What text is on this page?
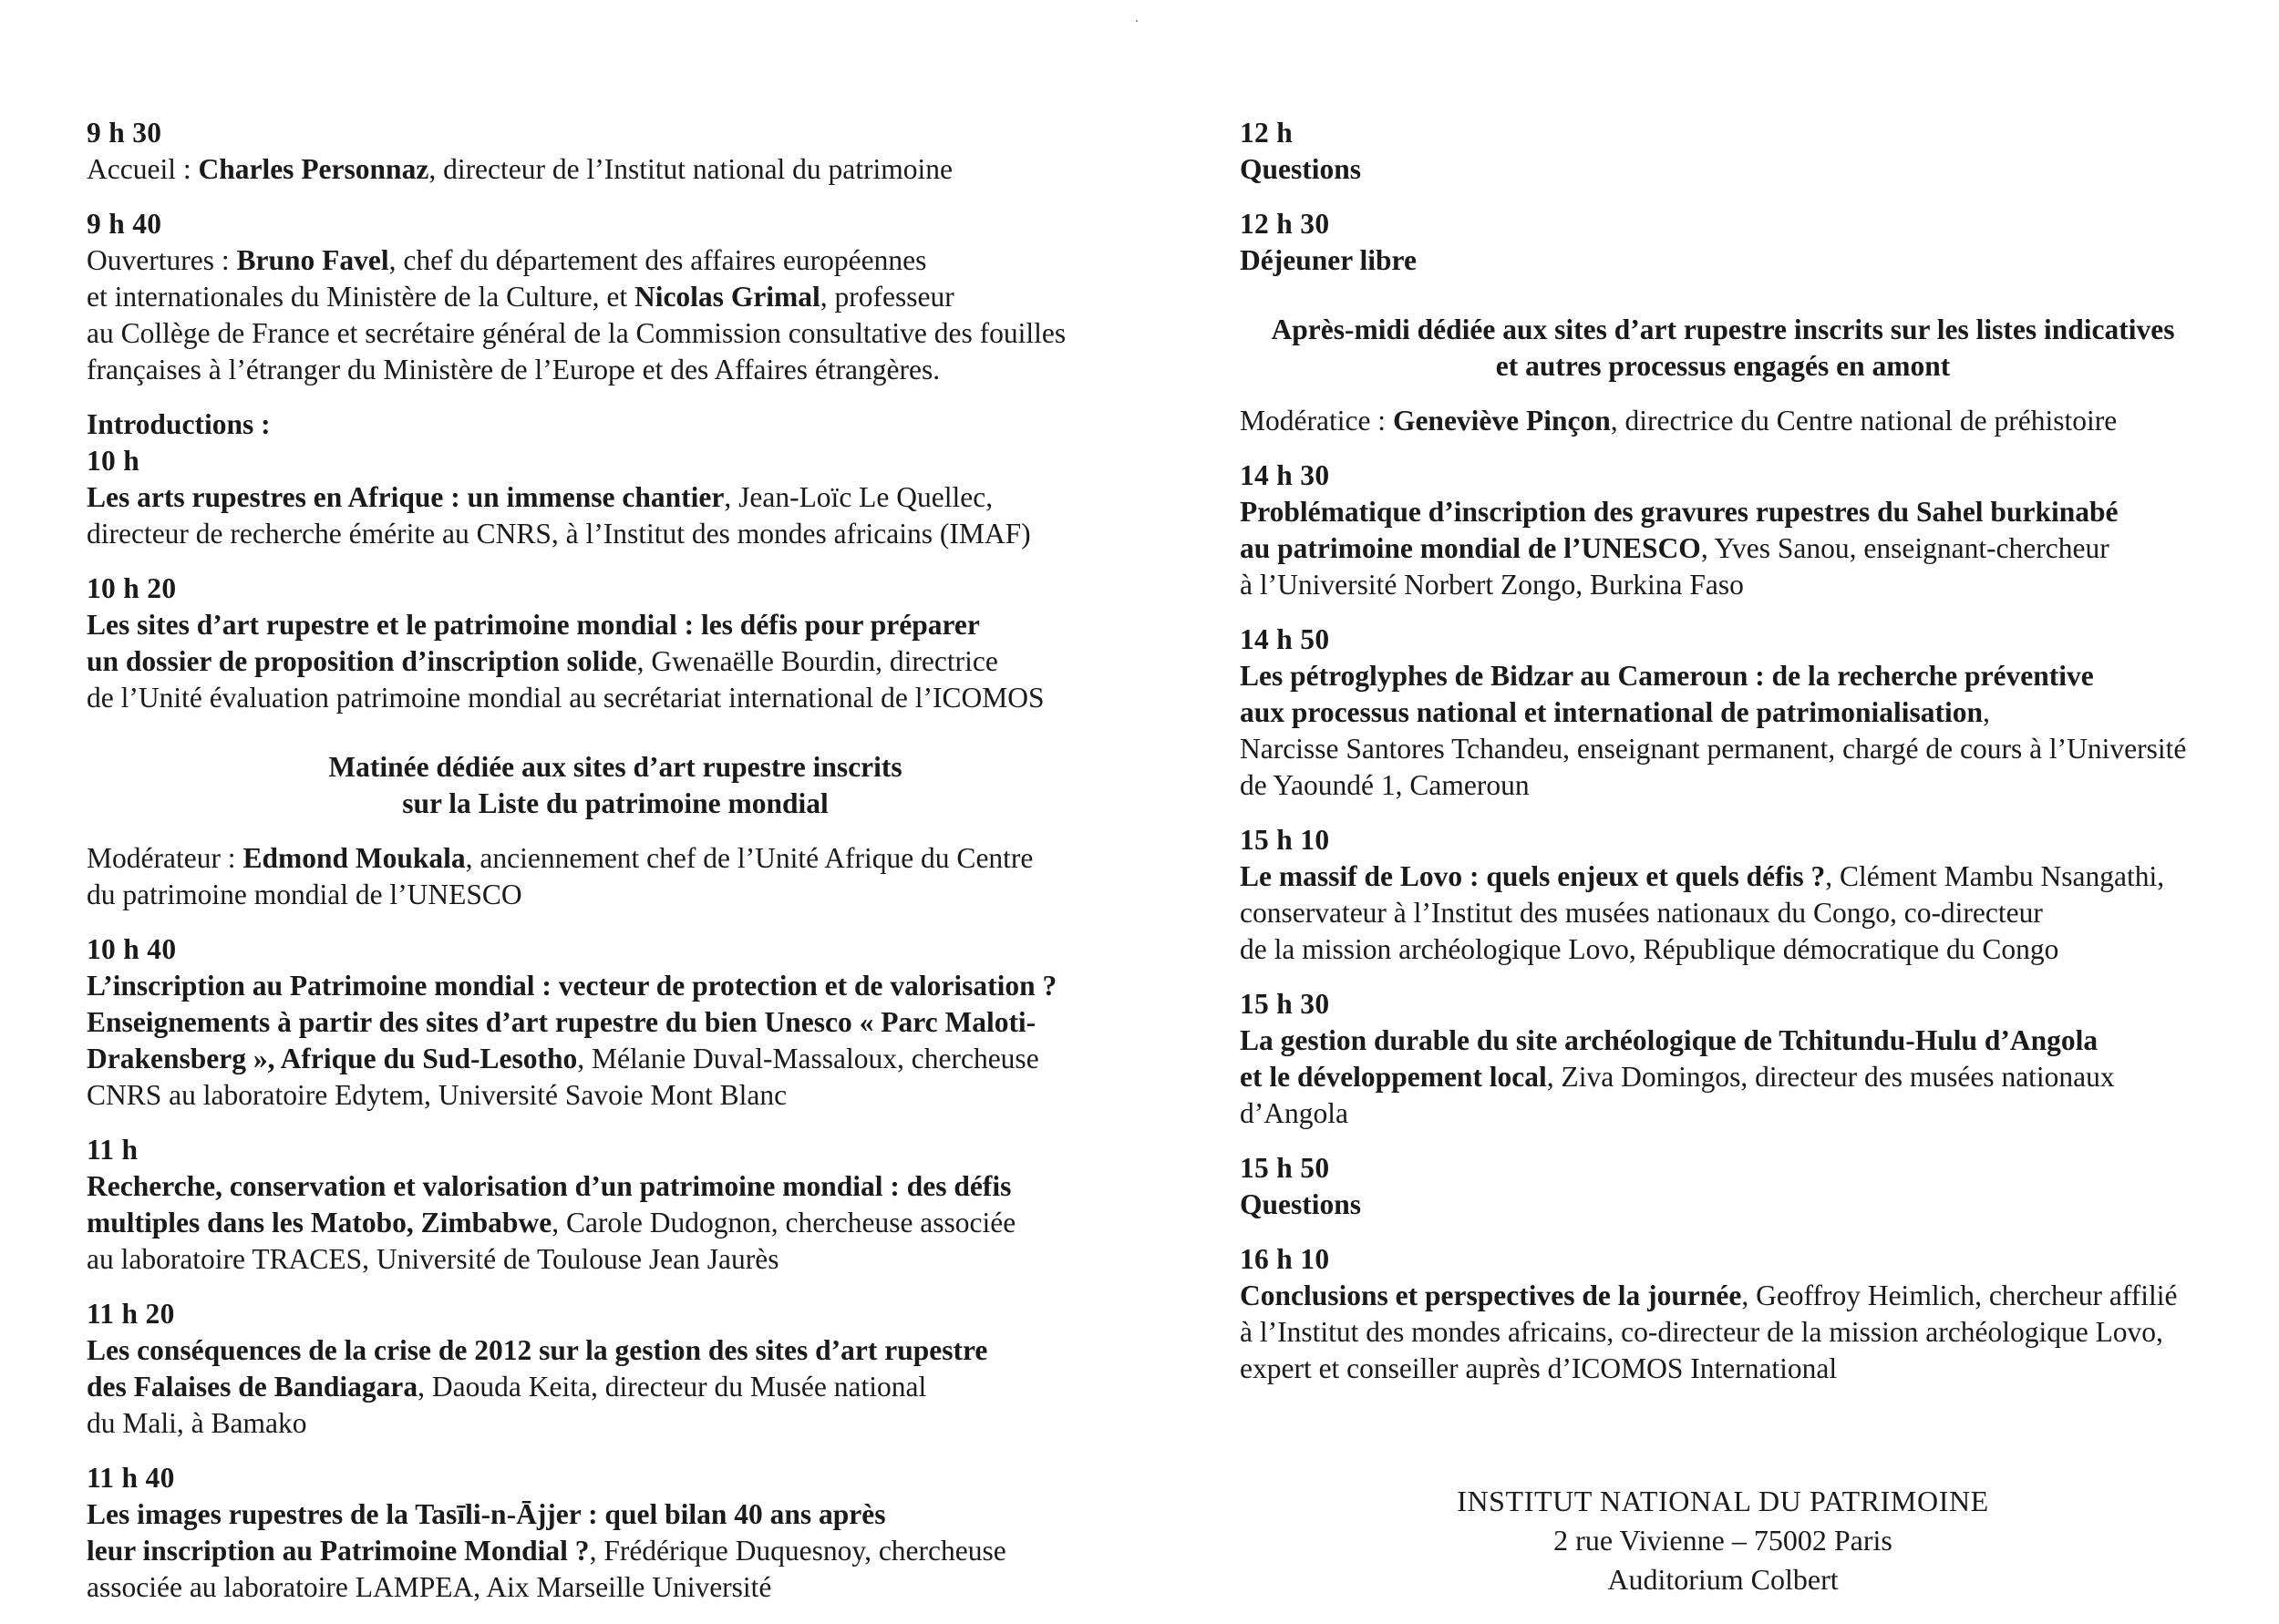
9 h 30
Accueil : Charles Personnaz, directeur de l’Institut national du patrimoine
9 h 40
Ouvertures : Bruno Favel, chef du département des affaires européennes
et internationales du Ministère de la Culture, et Nicolas Grimal, professeur
au Collège de France et secrétaire général de la Commission consultative des fouilles
françaises à l’étranger du Ministère de l’Europe et des Affaires étrangères.
Introductions :
10 h
Les arts rupestres en Afrique : un immense chantier, Jean-Loïc Le Quellec,
directeur de recherche émérite au CNRS, à l’Institut des mondes africains (IMAF)
10 h 20
Les sites d’art rupestre et le patrimoine mondial : les défis pour préparer
un dossier de proposition d’inscription solide, Gwenaëlle Bourdin, directrice
de l’Unité évaluation patrimoine mondial au secrétariat international de l’ICOMOS
Matinée dédiée aux sites d’art rupestre inscrits
sur la Liste du patrimoine mondial
Modérateur : Edmond Moukala, anciennement chef de l’Unité Afrique du Centre
du patrimoine mondial de l’UNESCO
10 h 40
L’inscription au Patrimoine mondial : vecteur de protection et de valorisation ?
Enseignements à partir des sites d’art rupestre du bien Unesco « Parc Maloti-
Drakensberg », Afrique du Sud-Lesotho, Mélanie Duval-Massaloux, chercheuse
CNRS au laboratoire Edytem, Université Savoie Mont Blanc
11 h
Recherche, conservation et valorisation d’un patrimoine mondial : des défis
multiples dans les Matobo, Zimbabwe, Carole Dudognon, chercheuse associée
au laboratoire TRACES, Université de Toulouse Jean Jaurès
11 h 20
Les conséquences de la crise de 2012 sur la gestion des sites d’art rupestre
des Falaises de Bandiagara, Daouda Keita, directeur du Musée national
du Mali, à Bamako
11 h 40
Les images rupestres de la Tasīli-n-Ājjer : quel bilan 40 ans après
leur inscription au Patrimoine Mondial ?, Frédérique Duquesnoy, chercheuse
associée au laboratoire LAMPEA, Aix Marseille Université
12 h
Questions
12 h 30
Déjeuner libre
Après-midi dédiée aux sites d’art rupestre inscrits sur les listes indicatives
et autres processus engagés en amont
Modératice : Geneviève Pinçon, directrice du Centre national de préhistoire
14 h 30
Problématique d’inscription des gravures rupestres du Sahel burkinabé
au patrimoine mondial de l’UNESCO, Yves Sanou, enseignant-chercheur
à l’Université Norbert Zongo, Burkina Faso
14 h 50
Les pétroglyphes de Bidzar au Cameroun : de la recherche préventive
aux processus national et international de patrimonialisation,
Narcisse Santores Tchandeu, enseignant permanent, chargé de cours à l’Université
de Yaoundé 1, Cameroun
15 h 10
Le massif de Lovo : quels enjeux et quels défis ?, Clément Mambu Nsangathi,
conservateur à l’Institut des musées nationaux du Congo, co-directeur
de la mission archéologique Lovo, République démocratique du Congo
15 h 30
La gestion durable du site archéologique de Tchitundu-Hulu d’Angola
et le développement local, Ziva Domingos, directeur des musées nationaux
d’Angola
15 h 50
Questions
16 h 10
Conclusions et perspectives de la journée, Geoffroy Heimlich, chercheur affilié
à l’Institut des mondes africains, co-directeur de la mission archéologique Lovo,
expert et conseiller auprès d’ICOMOS International
INSTITUT NATIONAL DU PATRIMOINE
2 rue Vivienne – 75002 Paris
Auditorium Colbert
